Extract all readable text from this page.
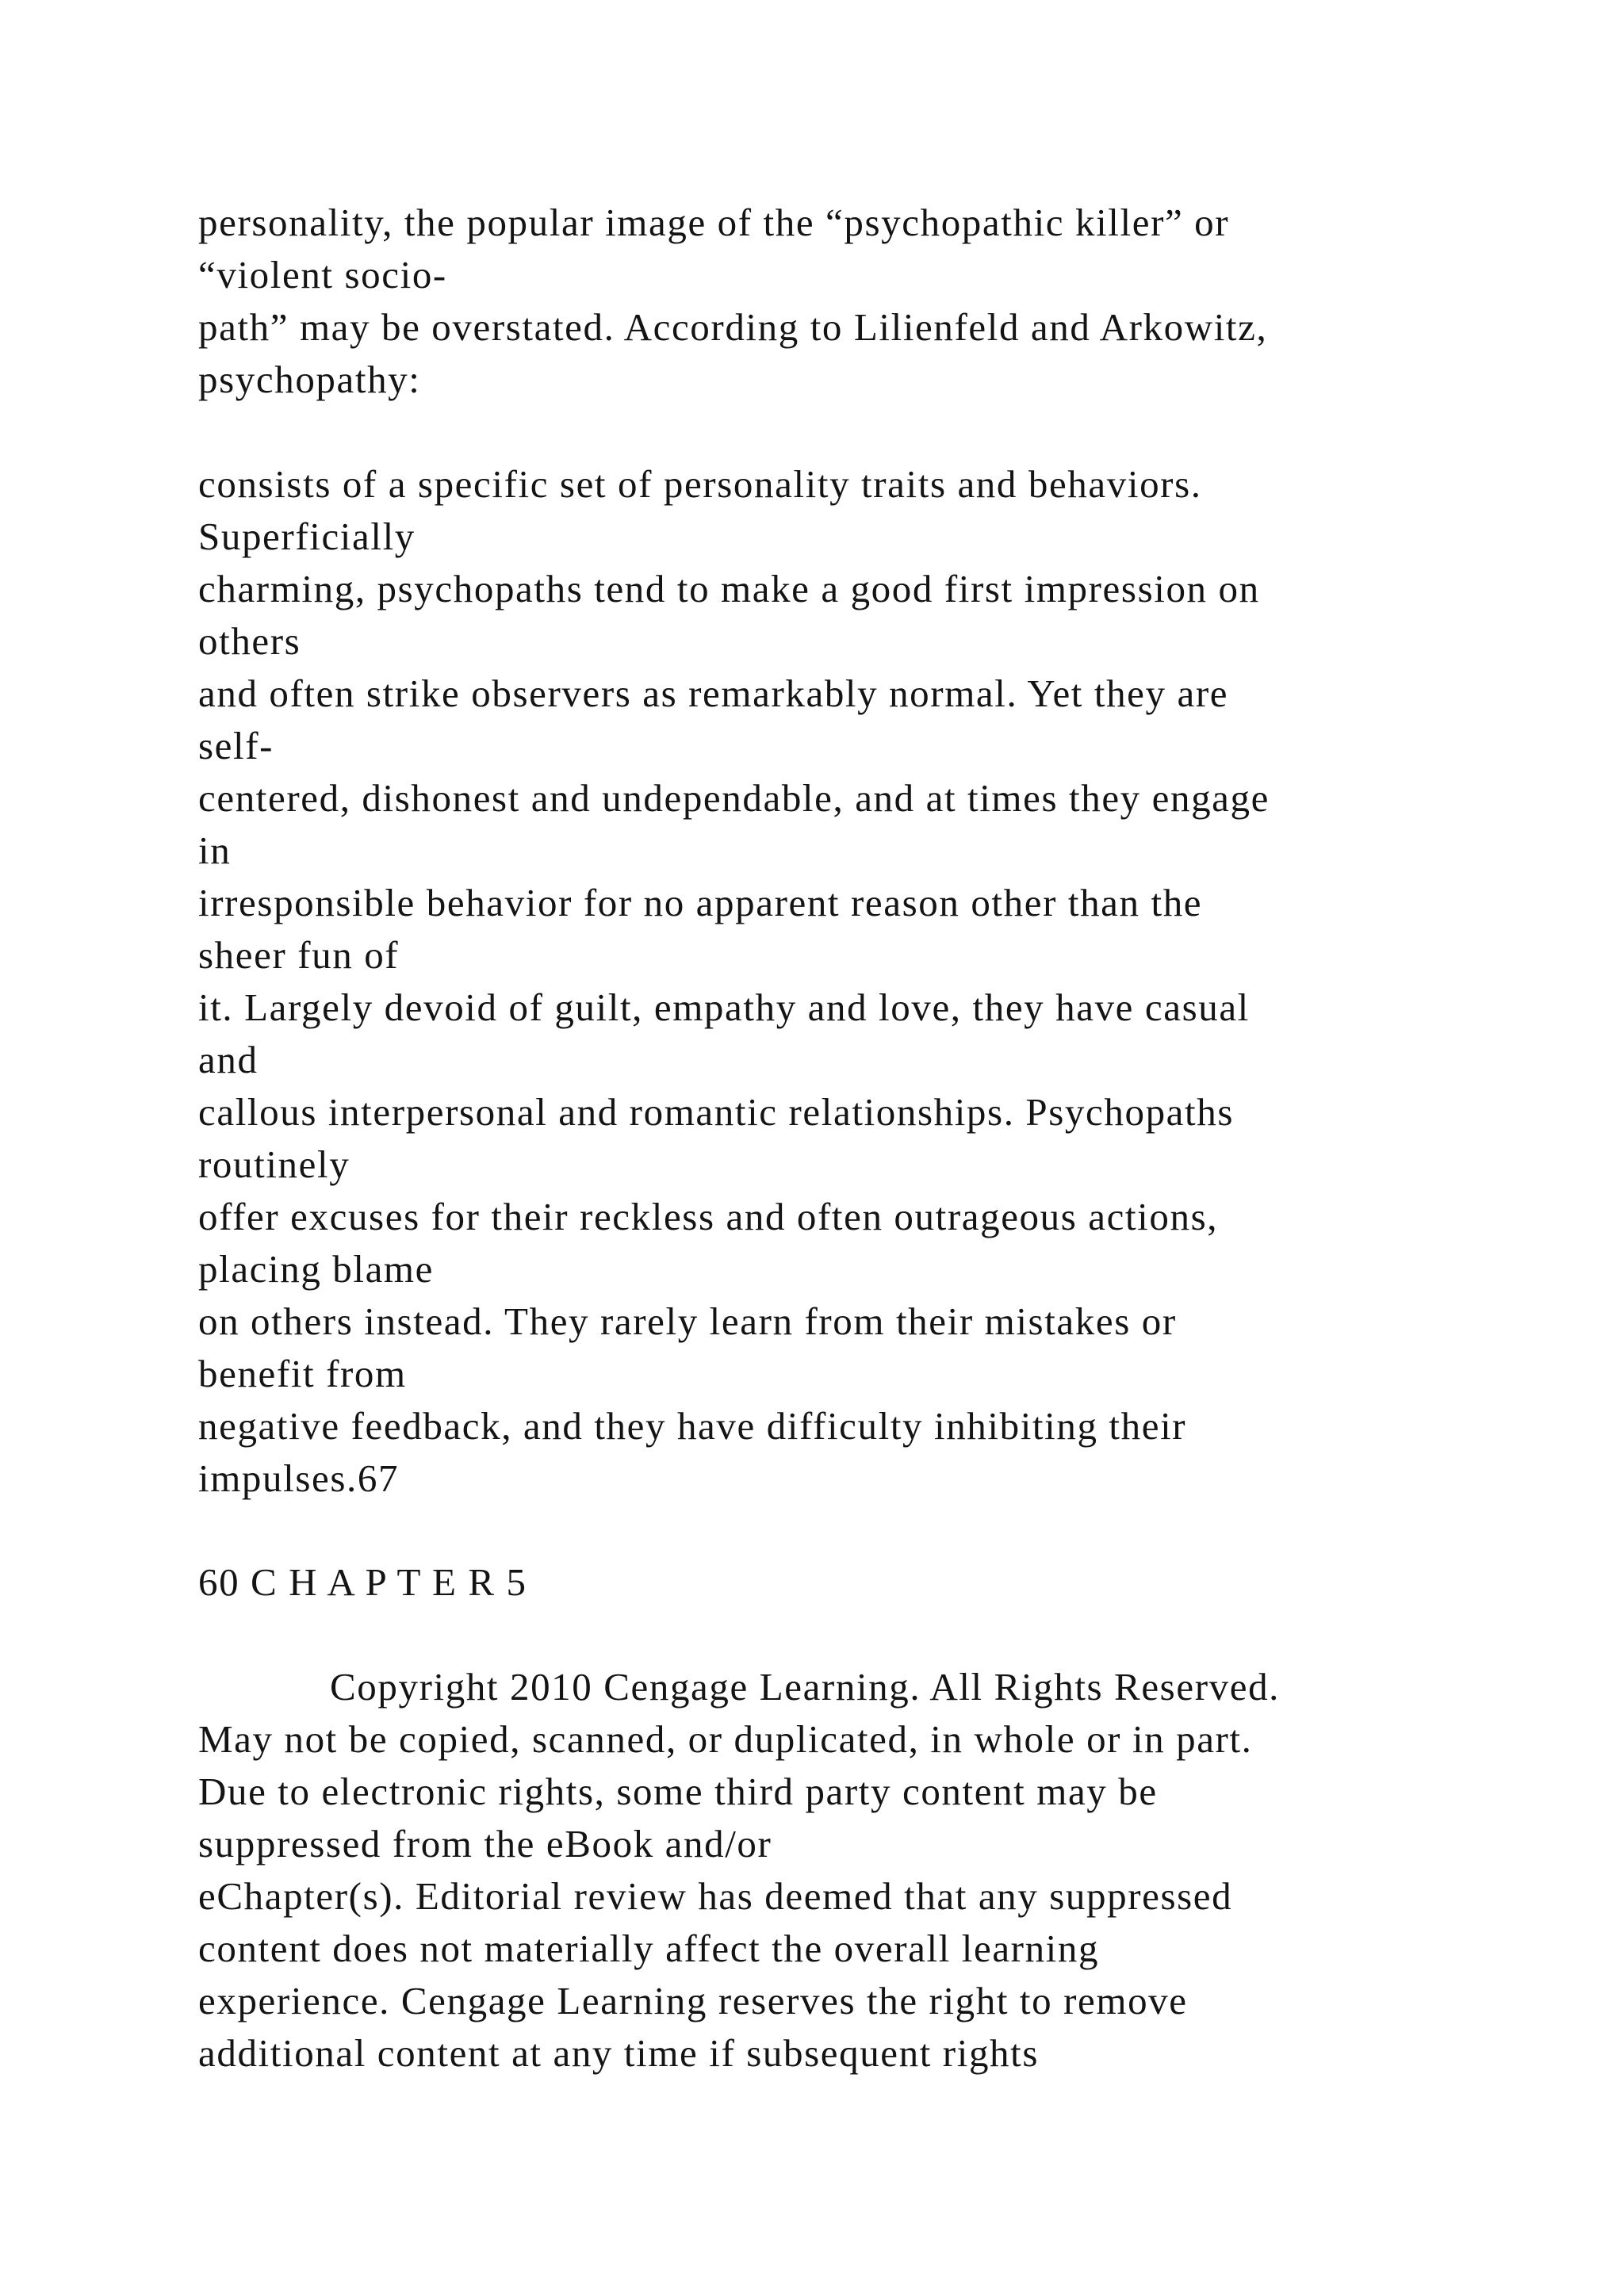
personality, the popular image of the “psychopathic killer” or
“violent socio-
path” may be overstated. According to Lilienfeld and Arkowitz,
psychopathy:
consists of a specific set of personality traits and behaviors.
Superficially
charming, psychopaths tend to make a good first impression on
others
and often strike observers as remarkably normal. Yet they are
self-
centered, dishonest and undependable, and at times they engage
in
irresponsible behavior for no apparent reason other than the
sheer fun of
it. Largely devoid of guilt, empathy and love, they have casual
and
callous interpersonal and romantic relationships. Psychopaths
routinely
offer excuses for their reckless and often outrageous actions,
placing blame
on others instead. They rarely learn from their mistakes or
benefit from
negative feedback, and they have difficulty inhibiting their
impulses.67
60 C H A P T E R 5
Copyright 2010 Cengage Learning. All Rights Reserved.
May not be copied, scanned, or duplicated, in whole or in part.
Due to electronic rights, some third party content may be
suppressed from the eBook and/or
eChapter(s). Editorial review has deemed that any suppressed
content does not materially affect the overall learning
experience. Cengage Learning reserves the right to remove
additional content at any time if subsequent rights
